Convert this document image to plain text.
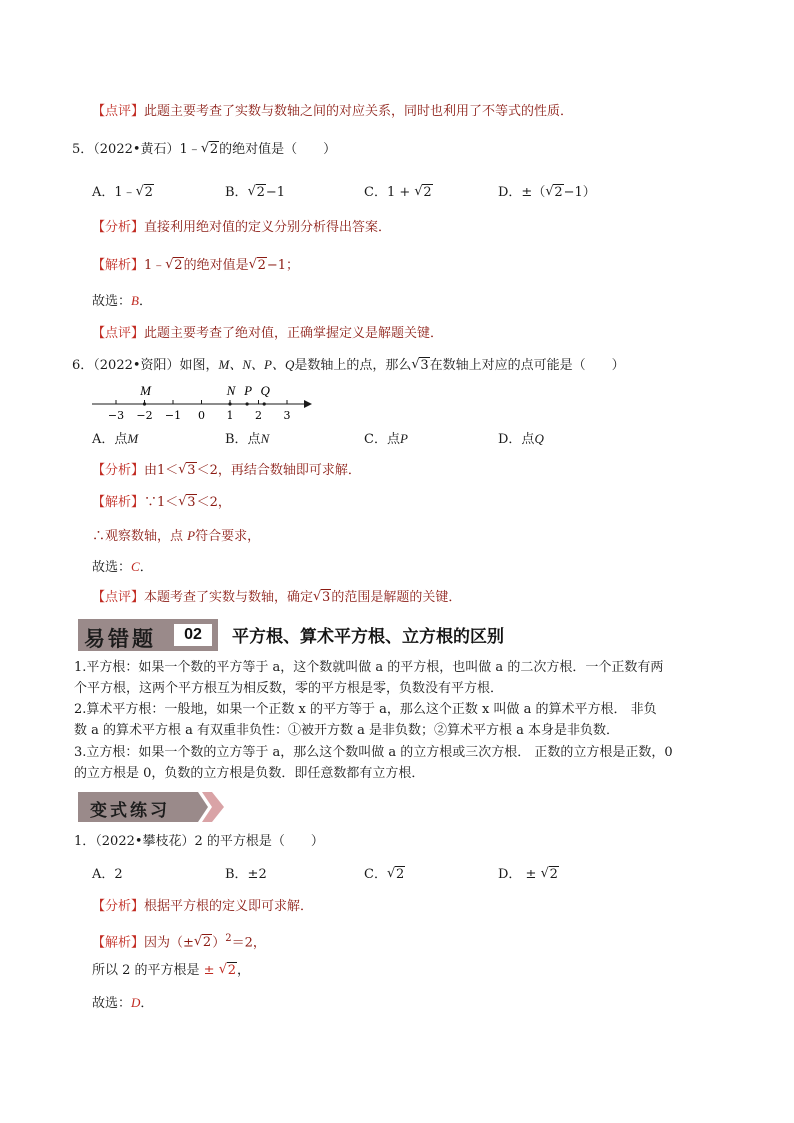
【点评】此题主要考查了实数与数轴之间的对应关系，同时也利用了不等式的性质．
5．（2022•黄石）1﹣ √ 2的绝对值是（　　）
A．1﹣ √ 2	B． √ 2−1	C．1 + √ 2	D．±（ √ 2−1）
【分析】直接利用绝对值的定义分别分析得出答案．
【解析】1﹣ √ 2的绝对值是 √ 2−1；
故选：B．
【点评】此题主要考查了绝对值，正确掌握定义是解题关键．
6．（2022•资阳）如图，M、N、P、Q是数轴上的点，那么 √ 3在数轴上对应的点可能是（　　）
−3 −2 −1 0 1 2 3
M	N P Q
A．点M	B．点N	C．点P	D．点Q
【分析】由1＜ √ 3＜2，再结合数轴即可求解．
【解析】∵1＜ √ 3＜2，
∴观察数轴，点 P符合要求，
故选：C．
【点评】本题考查了实数与数轴，确定 √ 3的范围是解题的关键．
易错题	02	平方根、算术平方根、立方根的区别
1.平方根：如果一个数的平方等于 a，这个数就叫做 a 的平方根，也叫做 a 的二次方根．一个正数有两
个平方根，这两个平方根互为相反数，零的平方根是零，负数没有平方根．
2.算术平方根：一般地，如果一个正数 x 的平方等于 a，那么这个正数 x 叫做 a 的算术平方根． 非负
数 a 的算术平方根 a 有双重非负性：①被开方数 a 是非负数；②算术平方根 a 本身是非负数．
3.立方根：如果一个数的立方等于 a，那么这个数叫做 a 的立方根或三次方根． 正数的立方根是正数，0
的立方根是 0，负数的立方根是负数．即任意数都有立方根．
变式练习
1．（2022•攀枝花）2 的平方根是（　　）
A．2	B．±2	C． √ 2	D． ± √ 2
【分析】根据平方根的定义即可求解．
【解析】因为（± √ 2）$^2$＝2，
所以 2 的平方根是 ± √ 2，
故选：D．
